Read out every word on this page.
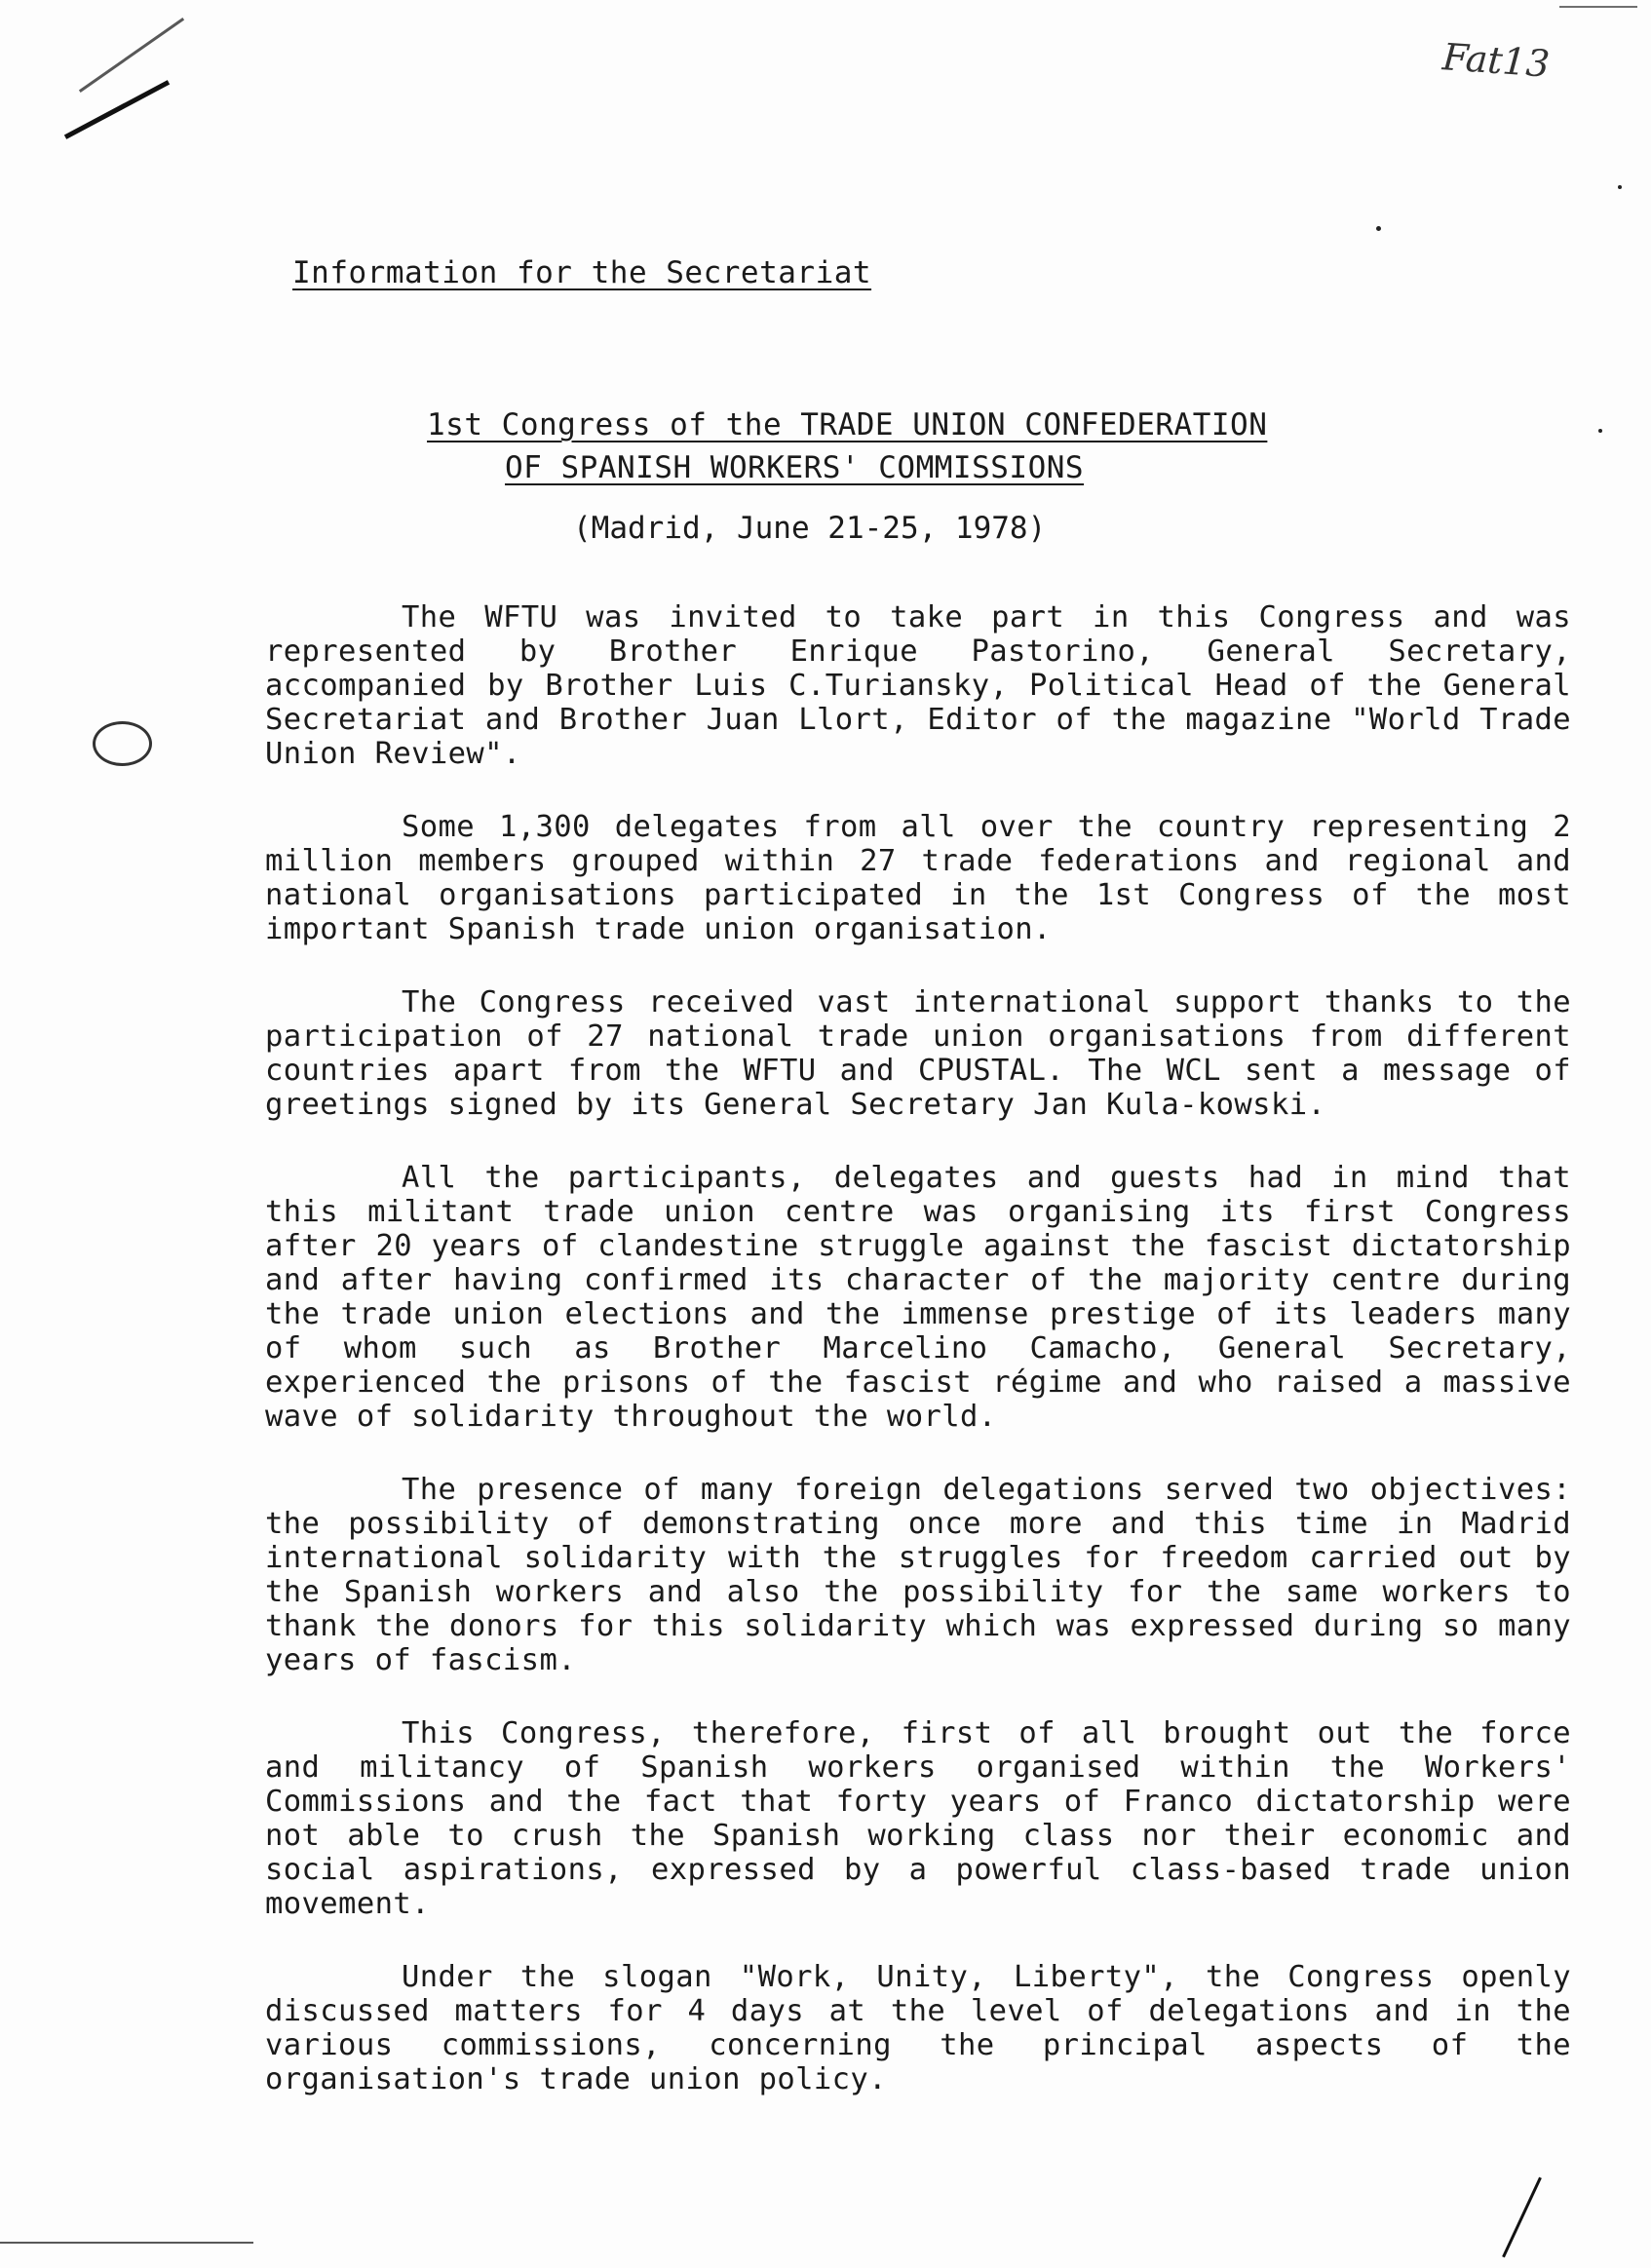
Fat13
Information for the Secretariat
1st Congress of the TRADE UNION CONFEDERATION
OF SPANISH WORKERS' COMMISSIONS
(Madrid, June 21-25, 1978)

The WFTU was invited to take part in this Congress and was represented by Brother Enrique Pastorino, General Secretary, accompanied by Brother Luis C.Turiansky, Political Head of the General Secretariat and Brother Juan Llort, Editor of the magazine "World Trade Union Review".

Some 1,300 delegates from all over the country representing 2 million members grouped within 27 trade federations and regional and national organisations participated in the 1st Congress of the most important Spanish trade union organisation.

The Congress received vast international support thanks to the participation of 27 national trade union organisations from different countries apart from the WFTU and CPUSTAL. The WCL sent a message of greetings signed by its General Secretary Jan Kula-kowski.

All the participants, delegates and guests had in mind that this militant trade union centre was organising its first Congress after 20 years of clandestine struggle against the fascist dictatorship and after having confirmed its character of the majority centre during the trade union elections and the immense prestige of its leaders many of whom such as Brother Marcelino Camacho, General Secretary, experienced the prisons of the fascist régime and who raised a massive wave of solidarity throughout the world.

The presence of many foreign delegations served two objectives: the possibility of demonstrating once more and this time in Madrid international solidarity with the struggles for freedom carried out by the Spanish workers and also the possibility for the same workers to thank the donors for this solidarity which was expressed during so many years of fascism.

This Congress, therefore, first of all brought out the force and militancy of Spanish workers organised within the Workers' Commissions and the fact that forty years of Franco dictatorship were not able to crush the Spanish working class nor their economic and social aspirations, expressed by a powerful class-based trade union movement.

Under the slogan "Work, Unity, Liberty", the Congress openly discussed matters for 4 days at the level of delegations and in the various commissions, concerning the principal aspects of the organisation's trade union policy.
